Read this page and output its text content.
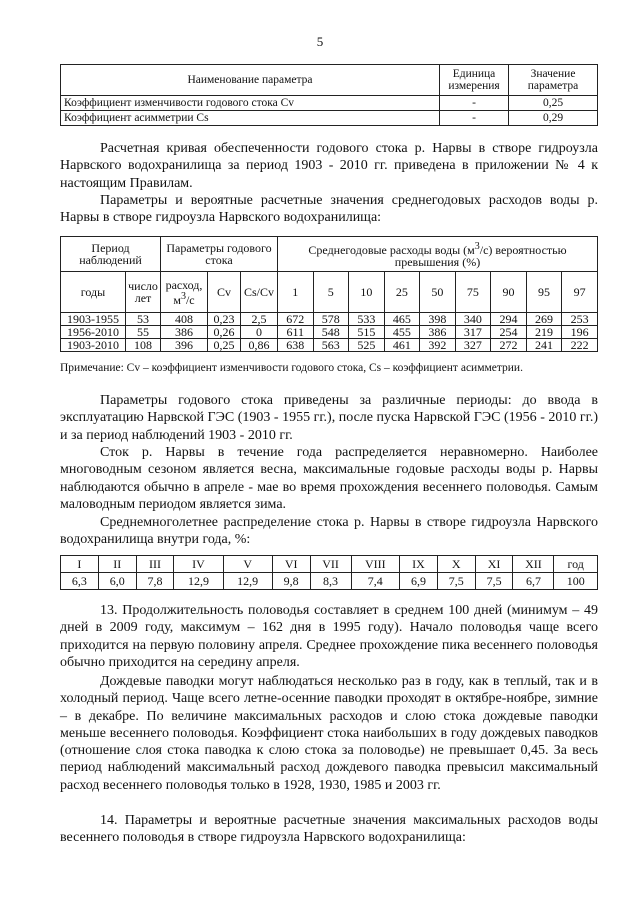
5
Наименование параметра	Единица измерения	Значение параметра
Коэффициент изменчивости годового стока Cv	-	0,25
Коэффициент асимметрии Cs	-	0,29

Расчетная кривая обеспеченности годового стока р. Нарвы в створе гидроузла Нарвского водохранилища за период 1903 - 2010 гг. приведена в приложении № 4 к настоящим Правилам.

Параметры и вероятные расчетные значения среднегодовых расходов воды р. Нарвы в створе гидроузла Нарвского водохранилища:

Период наблюдений		Параметры годового стока			Среднегодовые расходы воды $(м^3/с)$ вероятностью превышения (%)								
годы	число лет	расход, $м^3/с$	Cv	Cs/Cv	1	5	10	25	50	75	90	95	97
1903-1955	53	408	0,23	2,5	672	578	533	465	398	340	294	269	253
1956-2010	55	386	0,26	0	611	548	515	455	386	317	254	219	196
1903-2010	108	396	0,25	0,86	638	563	525	461	392	327	272	241	222
Примечание: Cv – коэффициент изменчивости годового стока, Cs – коэффициент асимметрии.

Параметры годового стока приведены за различные периоды: до ввода в эксплуатацию Нарвской ГЭС (1903 - 1955 гг.), после пуска Нарвской ГЭС (1956 - 2010 гг.) и за период наблюдений 1903 - 2010 гг.

Сток р. Нарвы в течение года распределяется неравномерно. Наиболее многоводным сезоном является весна, максимальные годовые расходы воды р. Нарвы наблюдаются обычно в апреле - мае во время прохождения весеннего половодья. Самым маловодным периодом является зима.

Среднемноголетнее распределение стока р. Нарвы в створе гидроузла Нарвского водохранилища внутри года, %:

I	II	III	IV	V	VI	VII	VIII	IX	X	XI	XII	год
6,3	6,0	7,8	12,9	12,9	9,8	8,3	7,4	6,9	7,5	7,5	6,7	100

13. Продолжительность половодья составляет в среднем 100 дней (минимум – 49 дней в 2009 году, максимум – 162 дня в 1995 году). Начало половодья чаще всего приходится на первую половину апреля. Среднее прохождение пика весеннего половодья обычно приходится на середину апреля.

Дождевые паводки могут наблюдаться несколько раз в году, как в теплый, так и в холодный период. Чаще всего летне-осенние паводки проходят в октябре-ноябре, зимние – в декабре. По величине максимальных расходов и слою стока дождевые паводки меньше весеннего половодья. Коэффициент стока наибольших в году дождевых паводков (отношение слоя стока паводка к слою стока за половодье) не превышает 0,45. За весь период наблюдений максимальный расход дождевого паводка превысил максимальный расход весеннего половодья только в 1928, 1930, 1985 и 2003 гг.

14. Параметры и вероятные расчетные значения максимальных расходов воды весеннего половодья в створе гидроузла Нарвского водохранилища:
